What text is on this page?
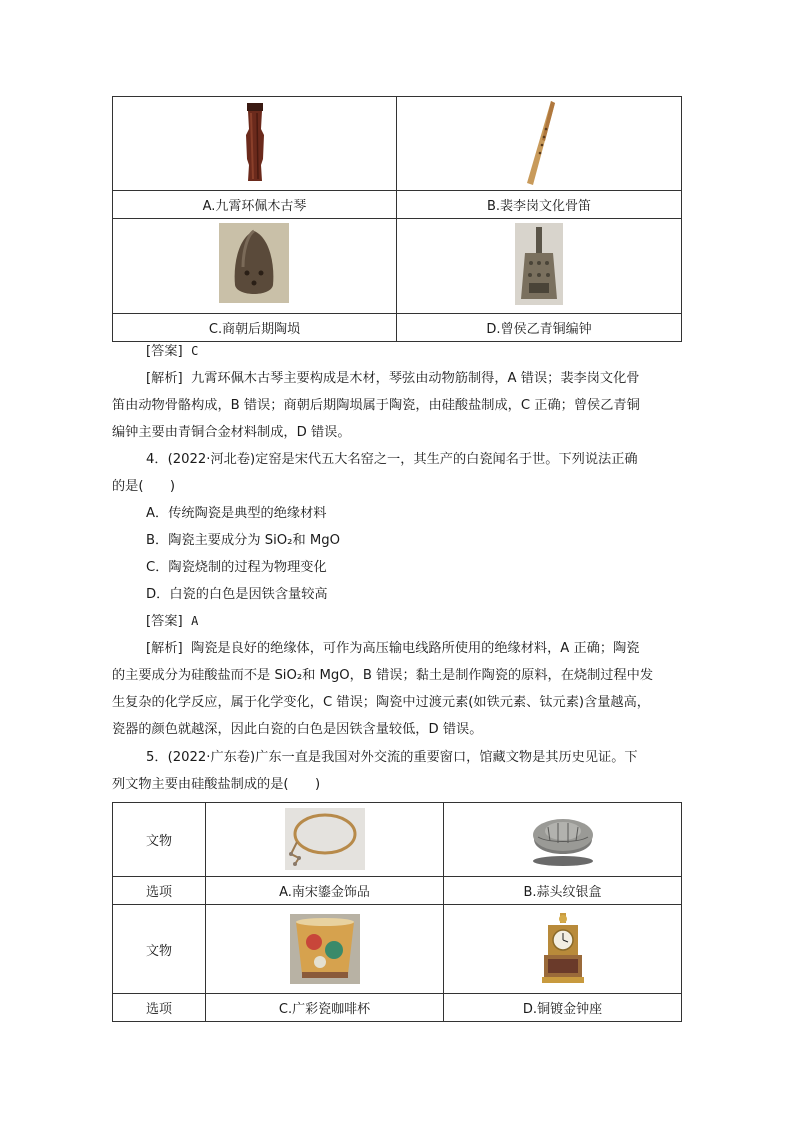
A.九霄环佩木古琴	B.裴李岗文化骨笛

C.商朝后期陶埙	D.曾侯乙青铜编钟
[答案] C
[解析] 九霄环佩木古琴主要构成是木材，琴弦由动物筋制得，A 错误；裴李岗文化骨
笛由动物骨骼构成，B 错误；商朝后期陶埙属于陶瓷，由硅酸盐制成，C 正确；曾侯乙青铜
编钟主要由青铜合金材料制成，D 错误。
4．(2022·河北卷)定窑是宋代五大名窑之一，其生产的白瓷闻名于世。下列说法正确
的是(　　)
A．传统陶瓷是典型的绝缘材料
B．陶瓷主要成分为 SiO₂和 MgO
C．陶瓷烧制的过程为物理变化
D．白瓷的白色是因铁含量较高
[答案] A
[解析] 陶瓷是良好的绝缘体，可作为高压输电线路所使用的绝缘材料，A 正确；陶瓷
的主要成分为硅酸盐而不是 SiO₂和 MgO，B 错误；黏土是制作陶瓷的原料，在烧制过程中发
生复杂的化学反应，属于化学变化，C 错误；陶瓷中过渡元素(如铁元素、钛元素)含量越高，
瓷器的颜色就越深，因此白瓷的白色是因铁含量较低，D 错误。
5．(2022·广东卷)广东一直是我国对外交流的重要窗口，馆藏文物是其历史见证。下
列文物主要由硅酸盐制成的是(　　)
文物	

选项	A.南宋鎏金饰品	B.蒜头纹银盒
文物	

选项	C.广彩瓷咖啡杯	D.铜镀金钟座
